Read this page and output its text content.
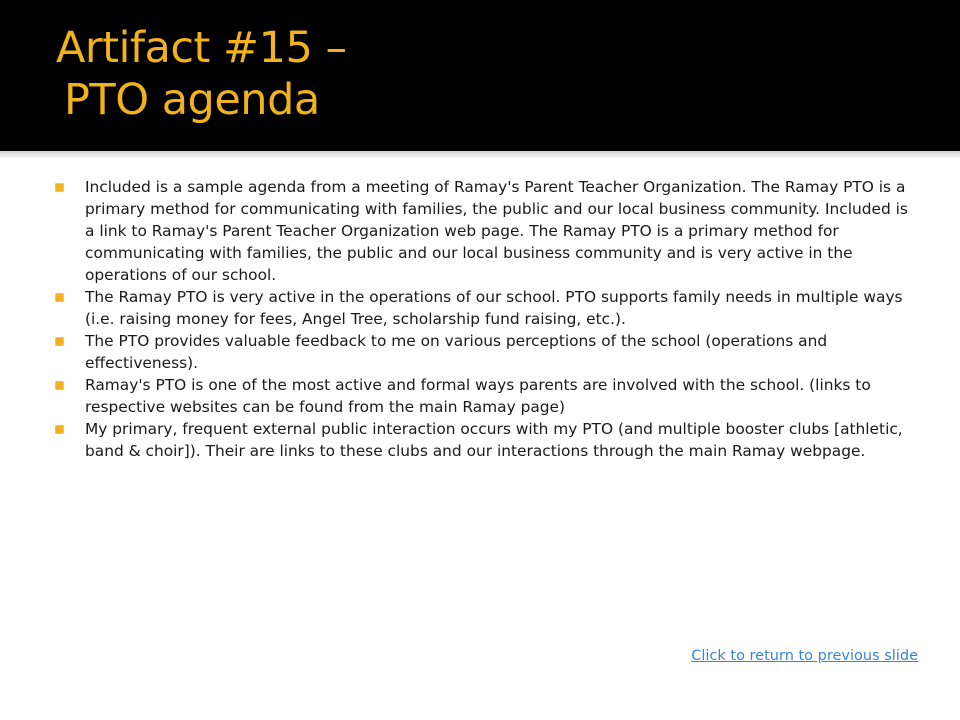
Artifact #15 –
PTO agenda
Included is a sample agenda from a meeting of Ramay's Parent Teacher Organization. The Ramay PTO is a primary method for communicating with families, the public and our local business community. Included is a link to Ramay's Parent Teacher Organization web page. The Ramay PTO is a primary method for communicating with families, the public and our local business community and is very active in the operations of our school.
The Ramay PTO is very active in the operations of our school. PTO supports family needs in multiple ways (i.e. raising money for fees, Angel Tree, scholarship fund raising, etc.).
The PTO provides valuable feedback to me on various perceptions of the school (operations and effectiveness).
Ramay's PTO is one of the most active and formal ways parents are involved with the school. (links to respective websites can be found from the main Ramay page)
My primary, frequent external public interaction occurs with my PTO (and multiple booster clubs [athletic, band & choir]). Their are links to these clubs and our interactions through the main Ramay webpage.
Click to return to previous slide
